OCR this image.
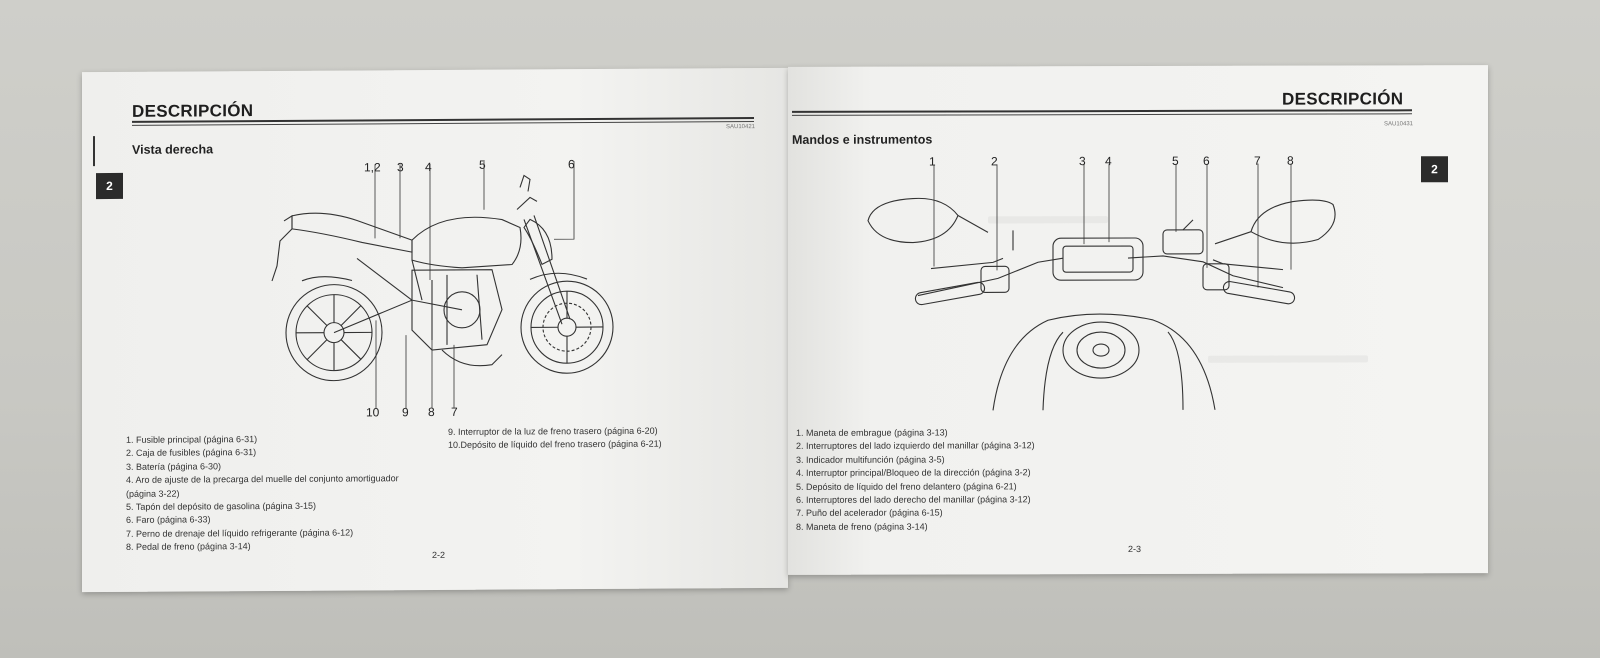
DESCRIPCIÓN
SAU10421
Vista derecha
2
1,2 3 4	5	6
10 9 8 7
1. Fusible principal (página 6-31)
2. Caja de fusibles (página 6-31)
3. Batería (página 6-30)
4. Aro de ajuste de la precarga del muelle del conjunto amortiguador
(página 3-22)
5. Tapón del depósito de gasolina (página 3-15)
6. Faro (página 6-33)
7. Perno de drenaje del líquido refrigerante (página 6-12)
8. Pedal de freno (página 3-14)
9. Interruptor de la luz de freno trasero (página 6-20)
10.Depósito de líquido del freno trasero (página 6-21)
2-2
DESCRIPCIÓN
SAU10431
Mandos e instrumentos
2
1	2	3 4	5 6	7 8
1. Maneta de embrague (página 3-13)
2. Interruptores del lado izquierdo del manillar (página 3-12)
3. Indicador multifunción (página 3-5)
4. Interruptor principal/Bloqueo de la dirección (página 3-2)
5. Depósito de líquido del freno delantero (página 6-21)
6. Interruptores del lado derecho del manillar (página 3-12)
7. Puño del acelerador (página 6-15)
8. Maneta de freno (página 3-14)
2-3
